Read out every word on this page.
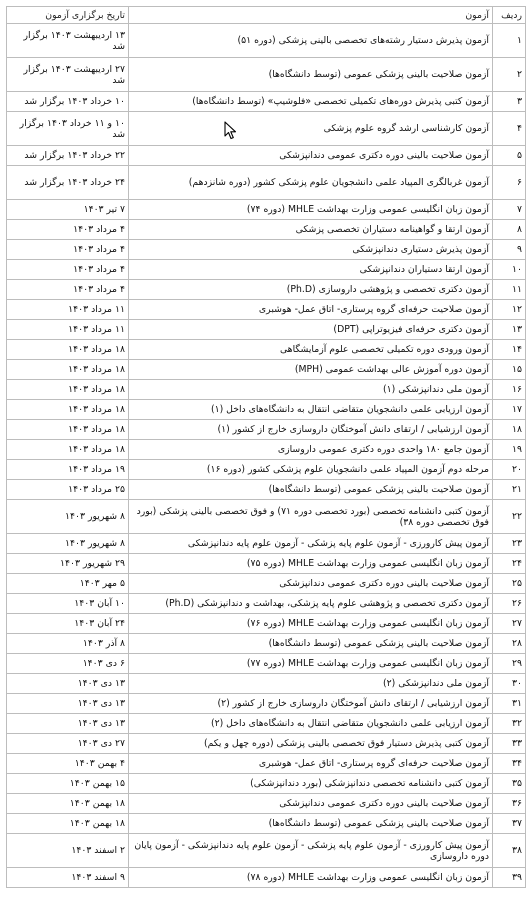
ردیف	آزمون	تاریخ برگزاری آزمون
۱	آزمون پذیرش دستیار رشته‌های تخصصی بالینی پزشکی (دوره ۵۱)	۱۳ اردیبهشت ۱۴۰۳ برگزار شد
۲	آزمون صلاحیت بالینی پزشکی عمومی (توسط دانشگاه‌ها)	۲۷ اردیبهشت ۱۴۰۳ برگزار شد
۳	آزمون کتبی پذیرش دوره‌های تکمیلی تخصصی «فلوشیپ» (توسط دانشگاه‌ها)	۱۰ خرداد ۱۴۰۳ برگزار شد
۴	آزمون کارشناسی ارشد گروه علوم پزشکی	۱۰ و ۱۱ خرداد ۱۴۰۳ برگزار شد
۵	آزمون صلاحیت بالینی دوره دکتری عمومی دندانپزشکی	۲۲ خرداد ۱۴۰۳ برگزار شد
۶	آزمون غربالگری المپیاد علمی دانشجویان علوم پزشکی کشور (دوره شانزدهم)	۲۴ خرداد ۱۴۰۳ برگزار شد
۷	آزمون زبان انگلیسی عمومی وزارت بهداشت MHLE (دوره ۷۴)	۷ تیر ۱۴۰۳
۸	آزمون ارتقا و گواهینامه دستیاران تخصصی پزشکی	۴ مرداد ۱۴۰۳
۹	آزمون پذیرش دستیاری دندانپزشکی	۴ مرداد ۱۴۰۳
۱۰	آزمون ارتقا دستیاران دندانپزشکی	۴ مرداد ۱۴۰۳
۱۱	آزمون دکتری تخصصی و پژوهشی داروسازی (Ph.D)	۴ مرداد ۱۴۰۳
۱۲	آزمون صلاحیت حرفه‌ای گروه پرستاری- اتاق عمل- هوشبری	۱۱ مرداد ۱۴۰۳
۱۳	آزمون دکتری حرفه‌ای فیزیوتراپی (DPT)	۱۱ مرداد ۱۴۰۳
۱۴	آزمون ورودی دوره تکمیلی تخصصی علوم آزمایشگاهی	۱۸ مرداد ۱۴۰۳
۱۵	آزمون دوره آموزش عالی بهداشت عمومی (MPH)	۱۸ مرداد ۱۴۰۳
۱۶	آزمون ملی دندانپزشکی (۱)	۱۸ مرداد ۱۴۰۳
۱۷	آزمون ارزیابی علمی دانشجویان متقاضی انتقال به دانشگاه‌های داخل (۱)	۱۸ مرداد ۱۴۰۳
۱۸	آزمون ارزشیابی / ارتقای دانش آموختگان داروسازی خارج از کشور (۱)	۱۸ مرداد ۱۴۰۳
۱۹	آزمون جامع ۱۸۰ واحدی دوره دکتری عمومی داروسازی	۱۸ مرداد ۱۴۰۳
۲۰	مرحله دوم آزمون المپیاد علمی دانشجویان علوم پزشکی کشور (دوره ۱۶)	۱۹ مرداد ۱۴۰۳
۲۱	آزمون صلاحیت بالینی پزشکی عمومی (توسط دانشگاه‌ها)	۲۵ مرداد ۱۴۰۳
۲۲	آزمون کتبی دانشنامه تخصصی (بورد تخصصی دوره ۷۱) و فوق تخصصی بالینی پزشکی (بورد فوق تخصصی دوره ۳۸)	۸ شهریور ۱۴۰۳
۲۳	آزمون پیش کارورزی - آزمون علوم پایه پزشکی - آزمون علوم پایه دندانپزشکی	۸ شهریور ۱۴۰۳
۲۴	آزمون زبان انگلیسی عمومی وزارت بهداشت MHLE (دوره ۷۵)	۲۹ شهریور ۱۴۰۳
۲۵	آزمون صلاحیت بالینی دوره دکتری عمومی دندانپزشکی	۵ مهر ۱۴۰۳
۲۶	آزمون دکتری تخصصی و پژوهشی علوم پایه پزشکی، بهداشت و دندانپزشکی (Ph.D)	۱۰ آبان ۱۴۰۳
۲۷	آزمون زبان انگلیسی عمومی وزارت بهداشت MHLE (دوره ۷۶)	۲۴ آبان ۱۴۰۳
۲۸	آزمون صلاحیت بالینی پزشکی عمومی (توسط دانشگاه‌ها)	۸ آذر ۱۴۰۳
۲۹	آزمون زبان انگلیسی عمومی وزارت بهداشت MHLE (دوره ۷۷)	۶ دی ۱۴۰۳
۳۰	آزمون ملی دندانپزشکی (۲)	۱۳ دی ۱۴۰۳
۳۱	آزمون ارزشیابی / ارتقای دانش آموختگان داروسازی خارج از کشور (۲)	۱۳ دی ۱۴۰۳
۳۲	آزمون ارزیابی علمی دانشجویان متقاضی انتقال به دانشگاه‌های داخل (۲)	۱۳ دی ۱۴۰۳
۳۳	آزمون کتبی پذیرش دستیار فوق تخصصی بالینی پزشکی (دوره چهل و یکم)	۲۷ دی ۱۴۰۳
۳۴	آزمون صلاحیت حرفه‌ای گروه پرستاری- اتاق عمل- هوشبری	۴ بهمن ۱۴۰۳
۳۵	آزمون کتبی دانشنامه تخصصی دندانپزشکی (بورد دندانپزشکی)	۱۵ بهمن ۱۴۰۳
۳۶	آزمون صلاحیت بالینی دوره دکتری عمومی دندانپزشکی	۱۸ بهمن ۱۴۰۳
۳۷	آزمون صلاحیت بالینی پزشکی عمومی (توسط دانشگاه‌ها)	۱۸ بهمن ۱۴۰۳
۳۸	آزمون پیش کارورزی - آزمون علوم پایه پزشکی - آزمون علوم پایه دندانپزشکی - آزمون پایان دوره داروسازی	۲ اسفند ۱۴۰۳
۳۹	آزمون زبان انگلیسی عمومی وزارت بهداشت MHLE (دوره ۷۸)	۹ اسفند ۱۴۰۳
